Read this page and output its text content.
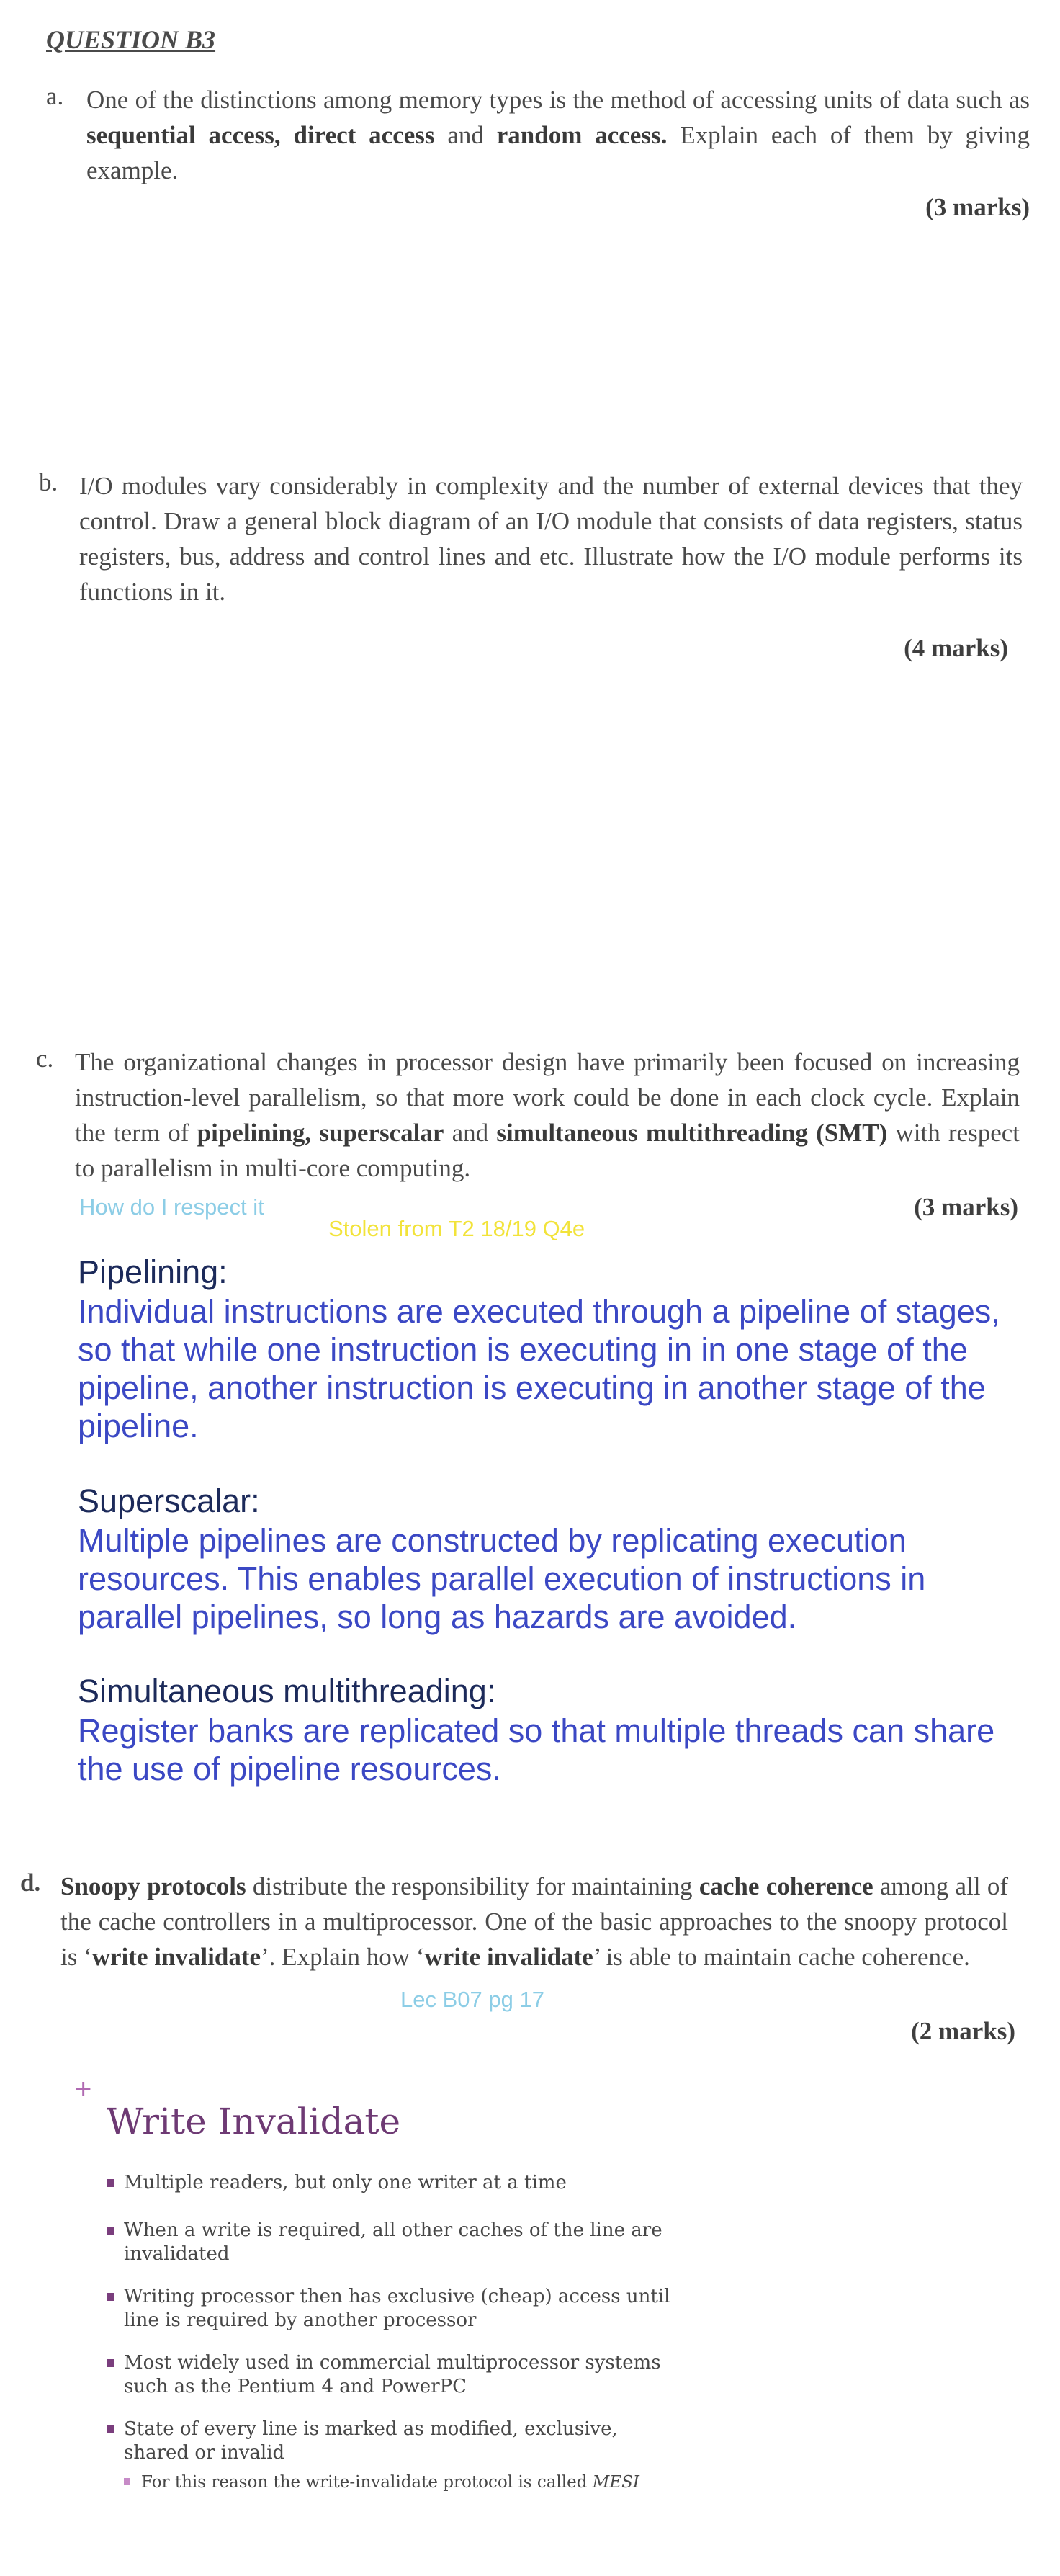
QUESTION B3
a. One of the distinctions among memory types is the method of accessing units of data such as sequential access, direct access and random access. Explain each of them by giving example.
(3 marks)
b. I/O modules vary considerably in complexity and the number of external devices that they control. Draw a general block diagram of an I/O module that consists of data registers, status registers, bus, address and control lines and etc. Illustrate how the I/O module performs its functions in it.
(4 marks)
c. The organizational changes in processor design have primarily been focused on increasing instruction-level parallelism, so that more work could be done in each clock cycle. Explain the term of pipelining, superscalar and simultaneous multithreading (SMT) with respect to parallelism in multi-core computing.
How do I respect it
Stolen from T2 18/19 Q4e
(3 marks)
Pipelining:
Individual instructions are executed through a pipeline of stages, so that while one instruction is executing in in one stage of the pipeline, another instruction is executing in another stage of the pipeline.
Superscalar:
Multiple pipelines are constructed by replicating execution resources. This enables parallel execution of instructions in parallel pipelines, so long as hazards are avoided.
Simultaneous multithreading:
Register banks are replicated so that multiple threads can share the use of pipeline resources.
d. Snoopy protocols distribute the responsibility for maintaining cache coherence among all of the cache controllers in a multiprocessor. One of the basic approaches to the snoopy protocol is ‘write invalidate’. Explain how ‘write invalidate’ is able to maintain cache coherence.
Lec B07 pg 17
(2 marks)
+
Write Invalidate
Multiple readers, but only one writer at a time
When a write is required, all other caches of the line are invalidated
Writing processor then has exclusive (cheap) access until line is required by another processor
Most widely used in commercial multiprocessor systems such as the Pentium 4 and PowerPC
State of every line is marked as modified, exclusive, shared or invalid
For this reason the write-invalidate protocol is called MESI
